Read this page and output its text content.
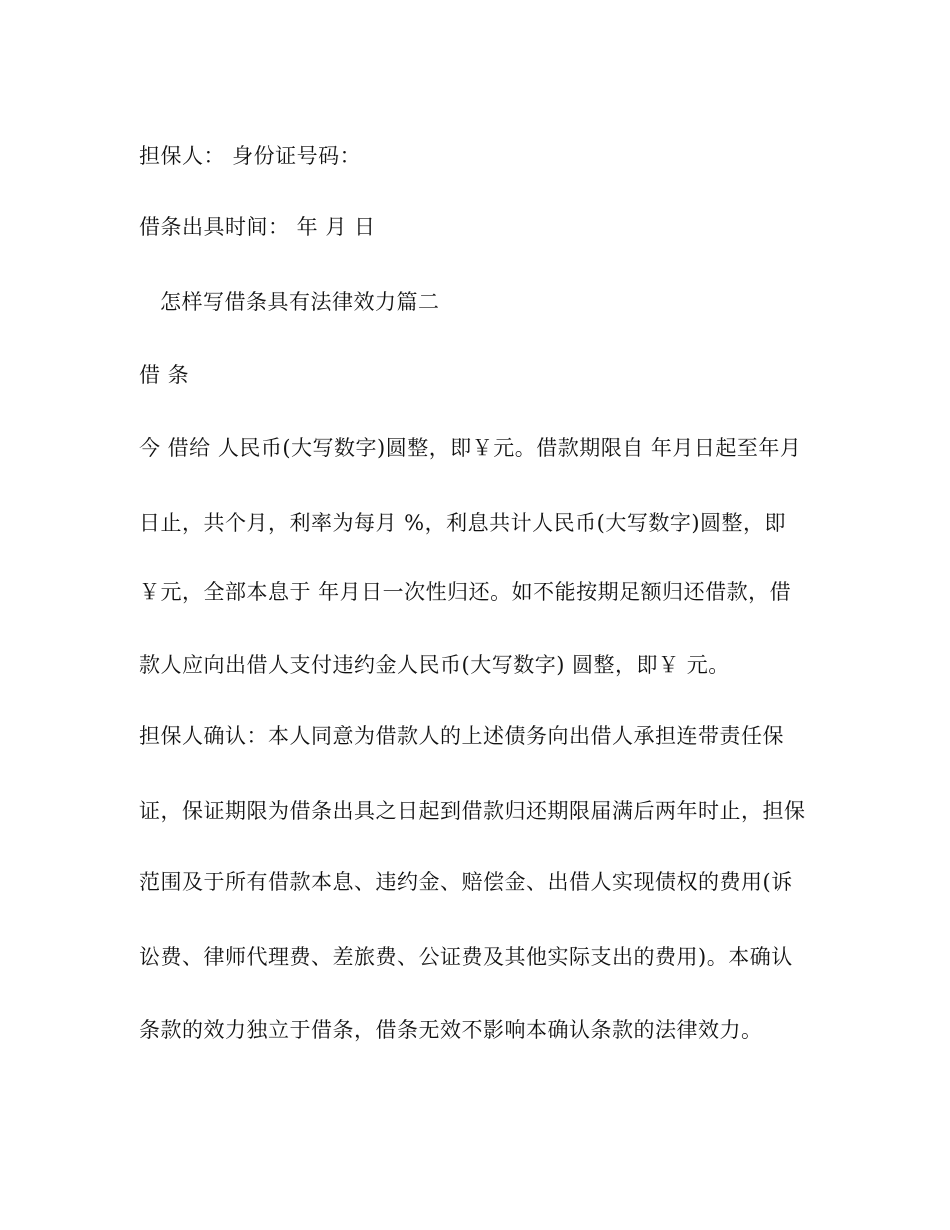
担保人： 身份证号码：
借条出具时间： 年 月 日
怎样写借条具有法律效力篇二
借 条
今 借给 人民币(大写数字)圆整，即￥元。借款期限自 年月日起至年月
日止，共个月，利率为每月 %，利息共计人民币(大写数字)圆整，即
￥元，全部本息于 年月日一次性归还。如不能按期足额归还借款，借
款人应向出借人支付违约金人民币(大写数字) 圆整，即￥ 元。
担保人确认：本人同意为借款人的上述债务向出借人承担连带责任保
证，保证期限为借条出具之日起到借款归还期限届满后两年时止，担保
范围及于所有借款本息、违约金、赔偿金、出借人实现债权的费用(诉
讼费、律师代理费、差旅费、公证费及其他实际支出的费用)。本确认
条款的效力独立于借条，借条无效不影响本确认条款的法律效力。
